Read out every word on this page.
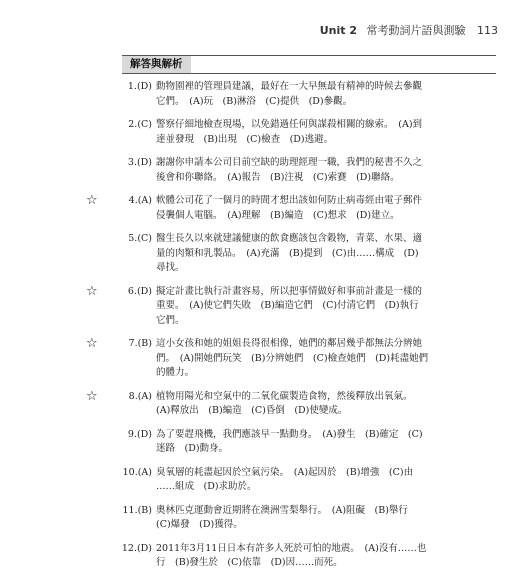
Unit 2 常考動詞片語與測驗 113
解答與解析
1.(D) 動物園裡的管理員建議，最好在一大早無最有精神的時候去參觀
它們。　(A)玩　(B)淋浴　(C)提供　(D)參觀。
2.(C) 警察仔細地檢查現場，以免錯過任何與謀殺相關的線索。　(A)到
達並發現　(B)出現　(C)檢查　(D)逃避。
3.(D) 謝謝你申請本公司目前空缺的助理經理一職，我們的秘書不久之
後會和你聯絡。　(A)報告　(B)注視　(C)索賽　(D)聯絡。
☆	4.(A) 軟體公司花了一個月的時間才想出該如何防止病毒經由電子郵件
侵襲個人電腦。　(A)理解　(B)編造　(C)想求　(D)建立。
5.(C) 醫生長久以來就建議健康的飲食應該包含穀物，青菜、水果、適
量的肉類和乳製品。　(A)充滿　(B)提到　(C)由……構成　(D)
尋找。
☆	6.(D) 擬定計畫比執行計畫容易，所以把事情做好和事前計畫是一樣的
重要。　(A)使它們失敗　(B)編造它們　(C)付清它們　(D)執行
它們。
☆	7.(B) 這小女孩和她的姐姐長得很相像，她們的鄰居幾乎都無法分辨她
們。　(A)開她們玩笑　(B)分辨她們　(C)檢查她們　(D)耗盡她們
的體力。
☆	8.(A) 植物用陽光和空氣中的二氧化碳製造食物，然後釋放出氧氣。
(A)釋放出　(B)編造　(C)昏倒　(D)使變成。
9.(D) 為了要趕飛機，我們應該早一點動身。　(A)發生　(B)確定　(C)
迷路　(D)動身。
10.(A) 臭氧層的耗盡起因於空氣污染。　(A)起因於　(B)增強　(C)由
……組成　(D)求助於。
11.(B) 奧林匹克運動會近期將在澳洲雪梨舉行。　(A)阻礙　(B)舉行
(C)爆發　(D)獲得。
12.(D) 2011年3月11日日本有許多人死於可怕的地震。　(A)沒有……也
行　(B)發生於　(C)依靠　(D)因……而死。
